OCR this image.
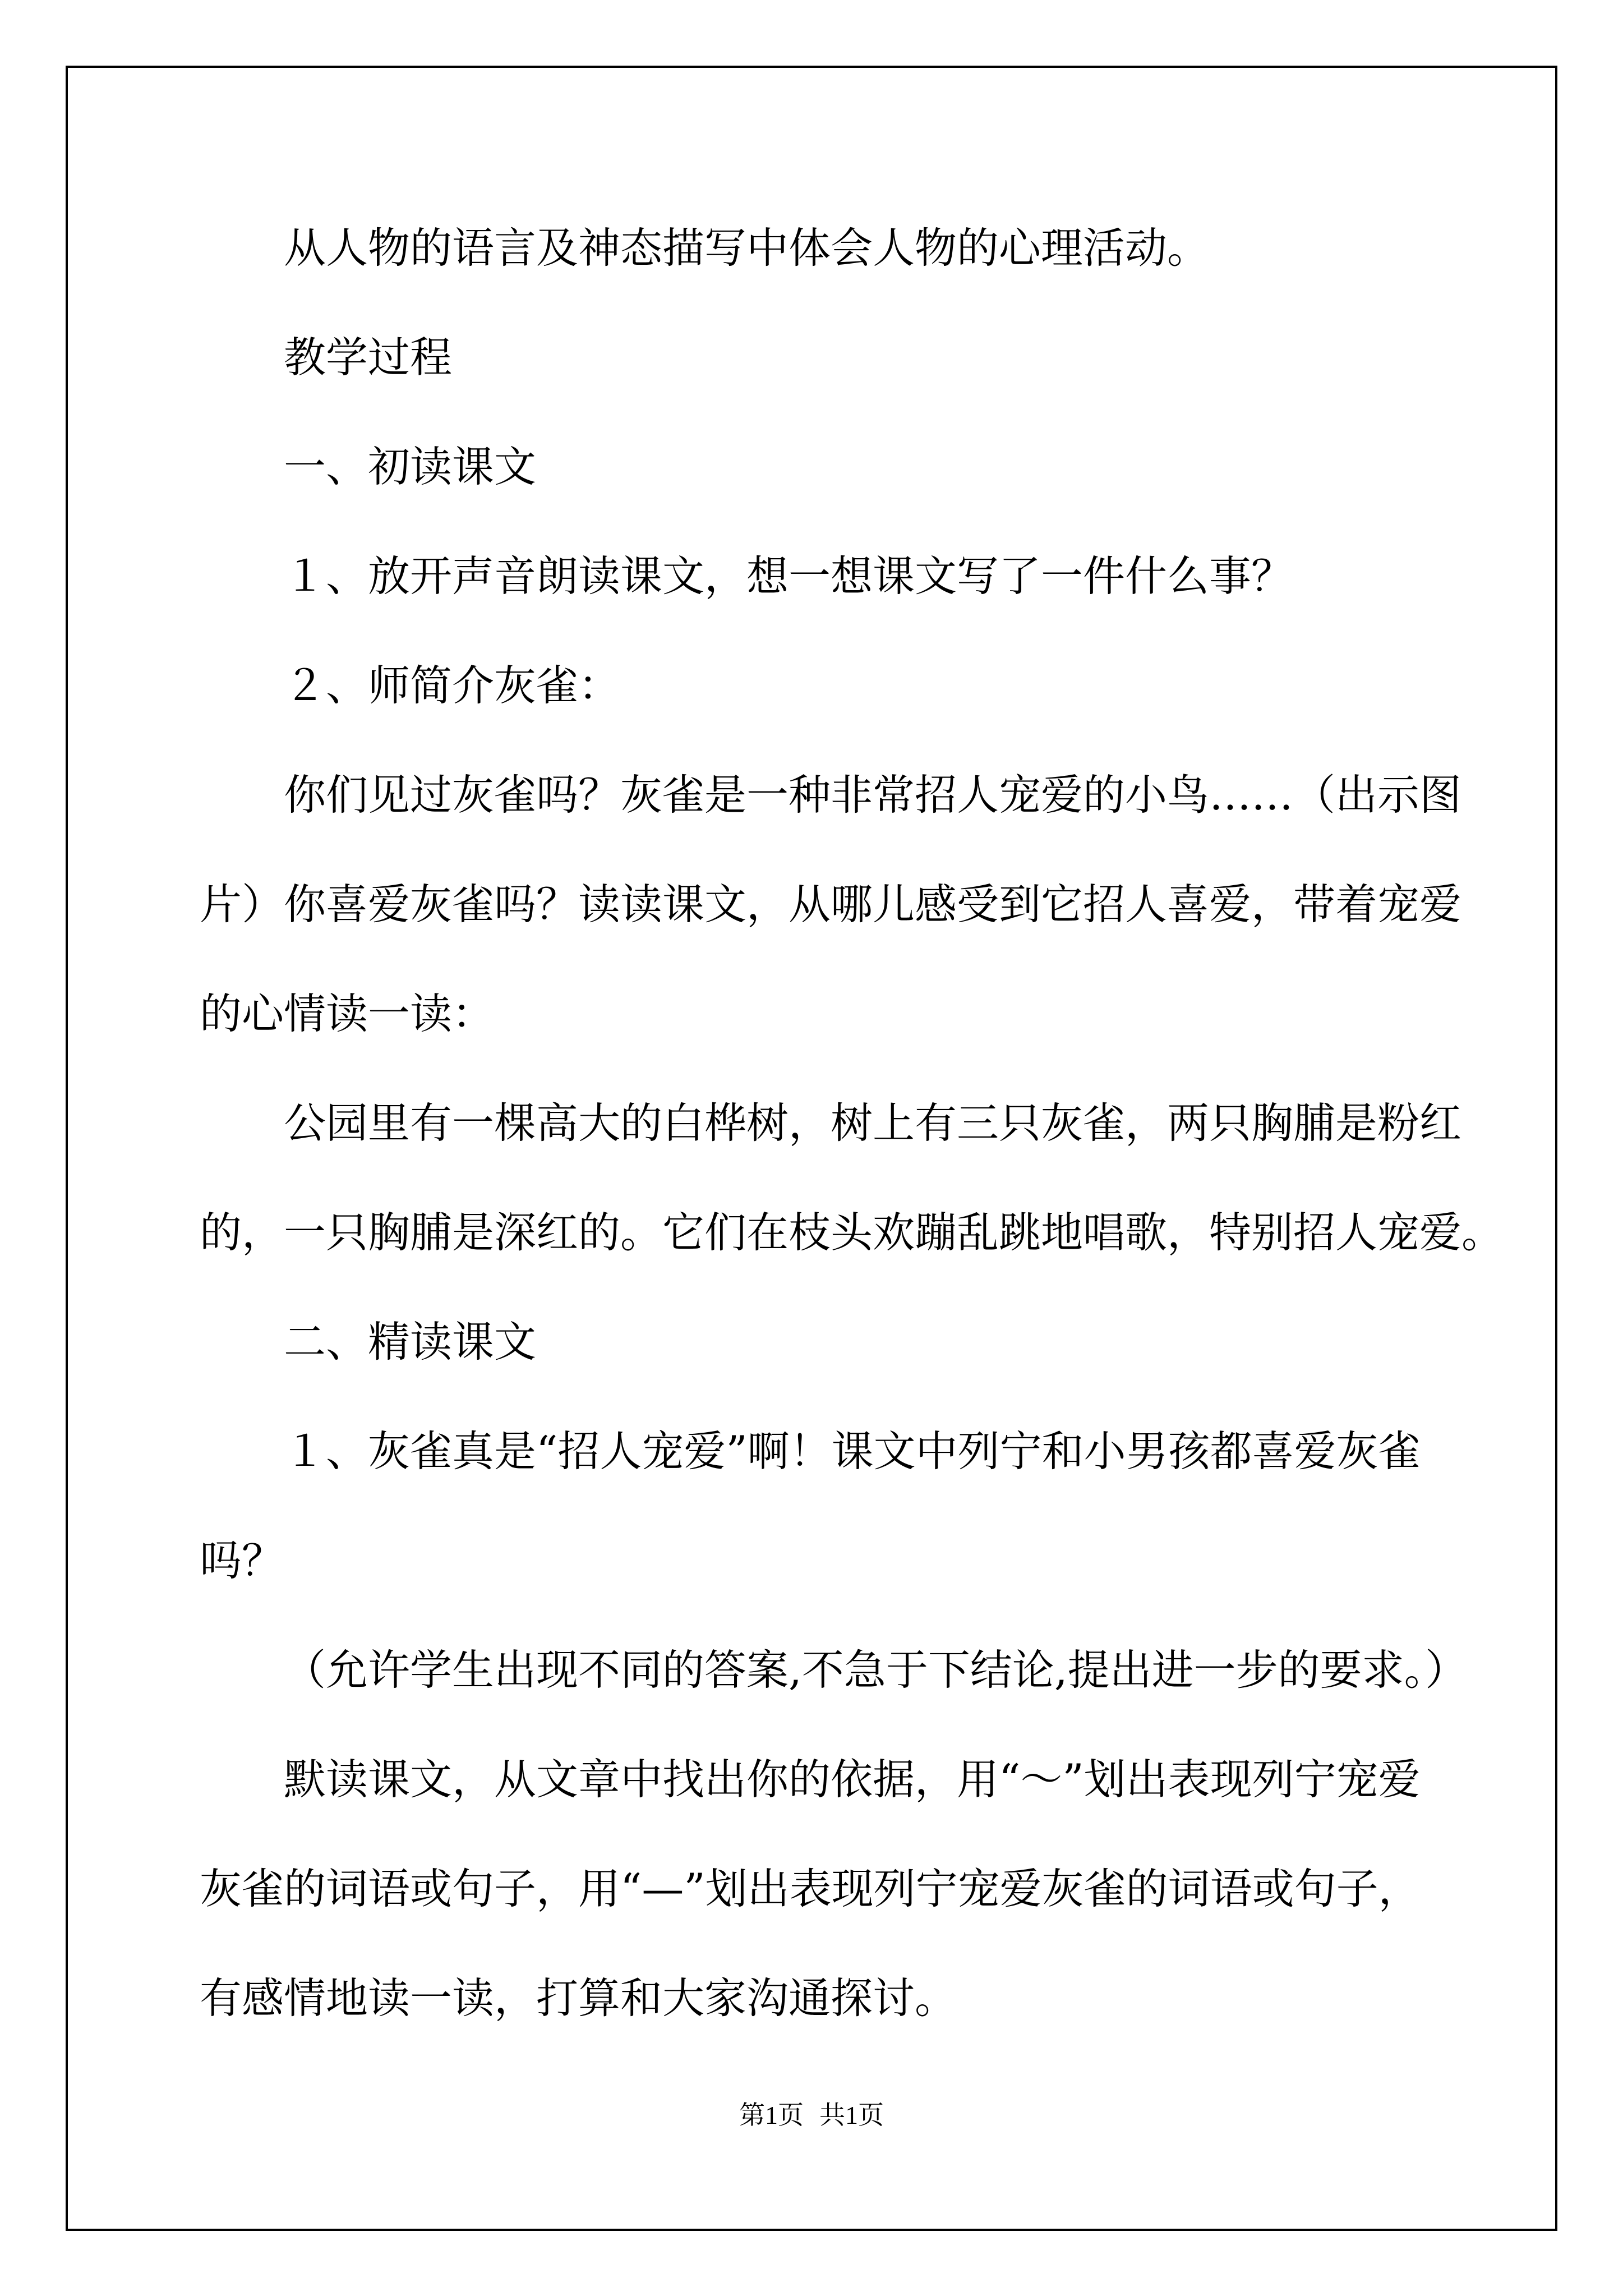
从人物的语言及神态描写中体会人物的心理活动。

教学过程

一、初读课文

１、放开声音朗读课文，想一想课文写了一件什么事？

２、师简介灰雀：

你们见过灰雀吗？灰雀是一种非常招人宠爱的小鸟……（出示图

片）你喜爱灰雀吗？读读课文，从哪儿感受到它招人喜爱，带着宠爱

的心情读一读：

公园里有一棵高大的白桦树，树上有三只灰雀，两只胸脯是粉红

的，一只胸脯是深红的。它们在枝头欢蹦乱跳地唱歌，特别招人宠爱。

二、精读课文

１、灰雀真是“招人宠爱”啊！课文中列宁和小男孩都喜爱灰雀

吗？

（允许学生出现不同的答案,不急于下结论,提出进一步的要求。）

默读课文，从文章中找出你的依据，用“～”划出表现列宁宠爱

灰雀的词语或句子，用“—”划出表现列宁宠爱灰雀的词语或句子，

有感情地读一读，打算和大家沟通探讨。

第1页 共1页
